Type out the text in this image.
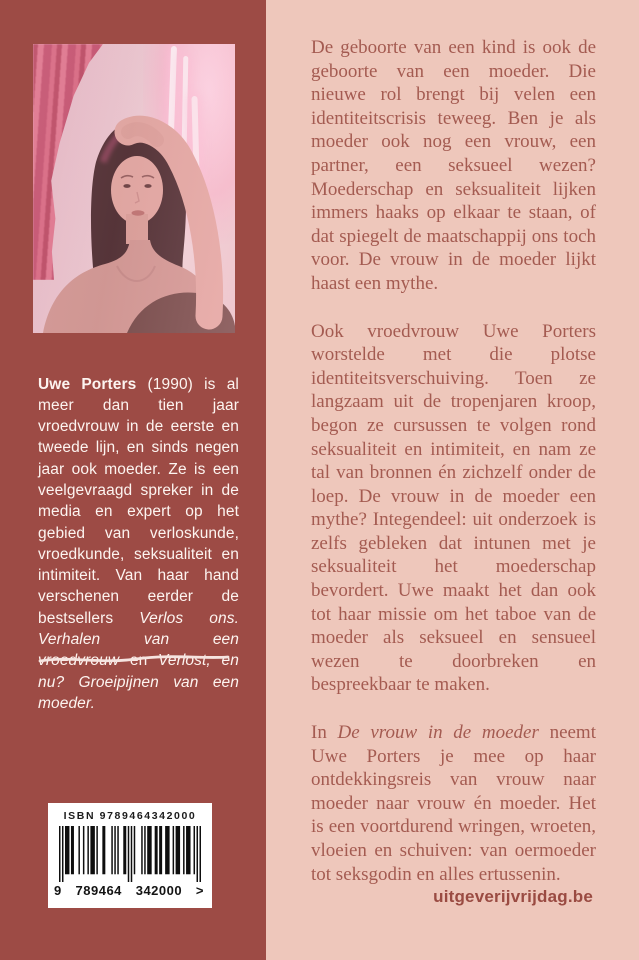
Uwe Porters (1990) is al meer dan tien jaar vroedvrouw in de eerste en tweede lijn, en sinds negen jaar ook moeder. Ze is een veelgevraagd spreker in de media en expert op het gebied van verloskunde, vroedkunde, seksualiteit en intimiteit. Van haar hand verschenen eerder de bestsellers Verlos ons. Verhalen van een vroedvrouw en Verlost, en nu? Groeipijnen van een moeder.

ISBN 9789464342000

9 789464 342000 >

De geboorte van een kind is ook de geboorte van een moeder. Die nieuwe rol brengt bij velen een identiteitscrisis teweeg. Ben je als moeder ook nog een vrouw, een partner, een seksueel wezen? Moederschap en seksualiteit lijken immers haaks op elkaar te staan, of dat spiegelt de maatschappij ons toch voor. De vrouw in de moeder lijkt haast een mythe.

Ook vroedvrouw Uwe Porters worstelde met die plotse identiteitsverschuiving. Toen ze langzaam uit de tropenjaren kroop, begon ze cursussen te volgen rond seksualiteit en intimiteit, en nam ze tal van bronnen én zichzelf onder de loep. De vrouw in de moeder een mythe? Integendeel: uit onderzoek is zelfs gebleken dat intunen met je seksualiteit het moederschap bevordert. Uwe maakt het dan ook tot haar missie om het taboe van de moeder als seksueel en sensueel wezen te doorbreken en bespreekbaar te maken.

In De vrouw in de moeder neemt Uwe Porters je mee op haar ontdekkingsreis van vrouw naar moeder naar vrouw én moeder. Het is een voortdurend wringen, wroeten, vloeien en schuiven: van oermoeder tot seksgodin en alles ertussenin.

uitgeverijvrijdag.be
